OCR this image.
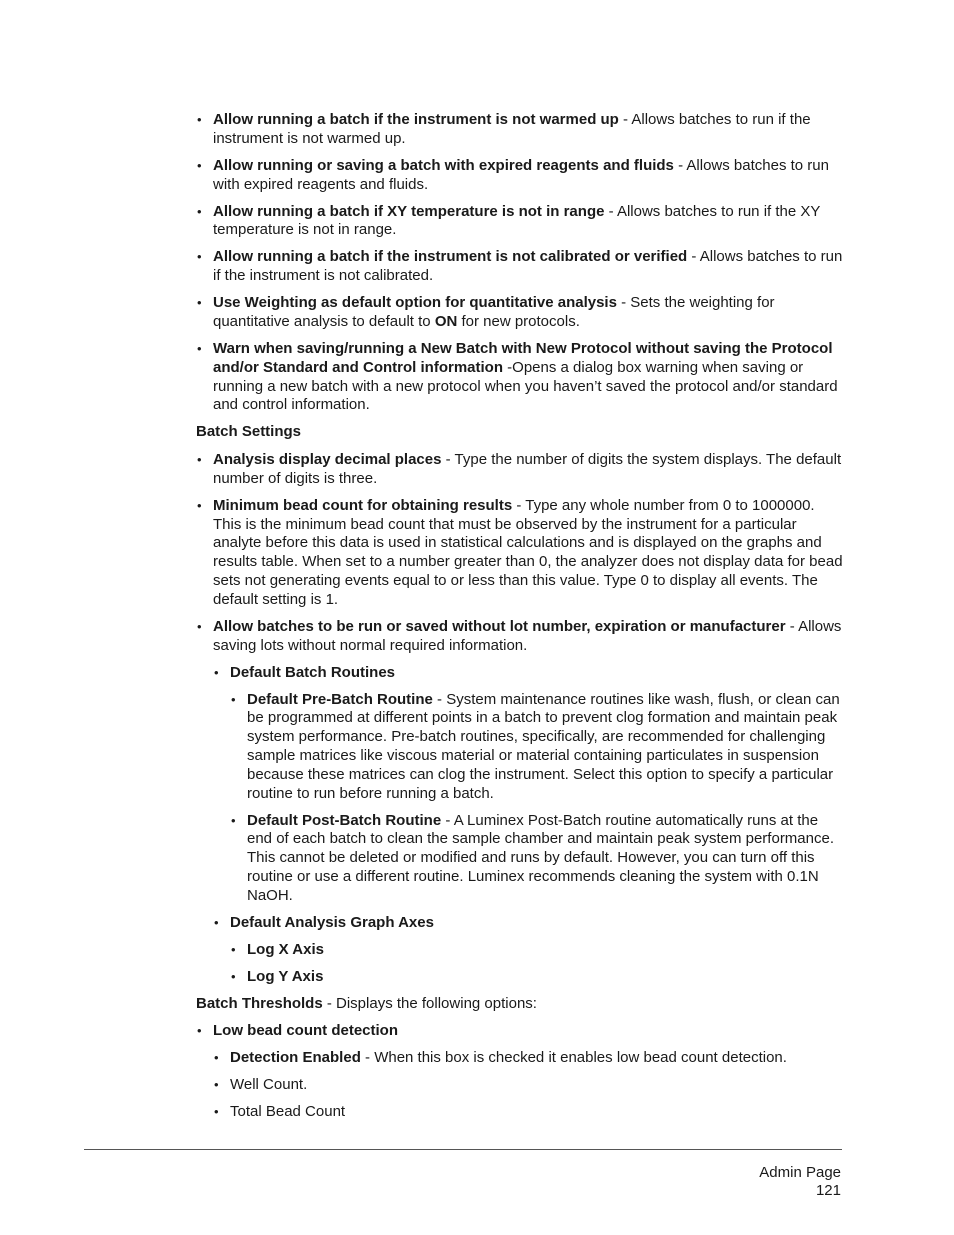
• Allow running a batch if the instrument is not warmed up - Allows batches to run if the instrument is not warmed up.
• Allow running or saving a batch with expired reagents and fluids - Allows batches to run with expired reagents and fluids.
• Allow running a batch if XY temperature is not in range - Allows batches to run if the XY temperature is not in range.
• Allow running a batch if the instrument is not calibrated or verified - Allows batches to run if the instrument is not calibrated.
• Use Weighting as default option for quantitative analysis - Sets the weighting for quantitative analysis to default to ON for new protocols.
• Warn when saving/running a New Batch with New Protocol without saving the Protocol and/or Standard and Control information -Opens a dialog box warning when saving or running a new batch with a new protocol when you haven’t saved the protocol and/or standard and control information.
Batch Settings
• Analysis display decimal places - Type the number of digits the system displays. The default number of digits is three.
• Minimum bead count for obtaining results - Type any whole number from 0 to 1000000. This is the minimum bead count that must be observed by the instrument for a particular analyte before this data is used in statistical calculations and is displayed on the graphs and results table. When set to a number greater than 0, the analyzer does not display data for bead sets not generating events equal to or less than this value. Type 0 to display all events. The default setting is 1.
• Allow batches to be run or saved without lot number, expiration or manufacturer - Allows saving lots without normal required information.
• Default Batch Routines
• Default Pre-Batch Routine - System maintenance routines like wash, flush, or clean can be programmed at different points in a batch to prevent clog formation and maintain peak system performance. Pre-batch routines, specifically, are recommended for challenging sample matrices like viscous material or material containing particulates in suspension because these matrices can clog the instrument. Select this option to specify a particular routine to run before running a batch.
• Default Post-Batch Routine - A Luminex Post-Batch routine automatically runs at the end of each batch to clean the sample chamber and maintain peak system performance. This cannot be deleted or modified and runs by default. However, you can turn off this routine or use a different routine. Luminex recommends cleaning the system with 0.1N NaOH.
• Default Analysis Graph Axes
• Log X Axis
• Log Y Axis
Batch Thresholds - Displays the following options:
• Low bead count detection
• Detection Enabled - When this box is checked it enables low bead count detection.
• Well Count.
• Total Bead Count
Admin Page
121
